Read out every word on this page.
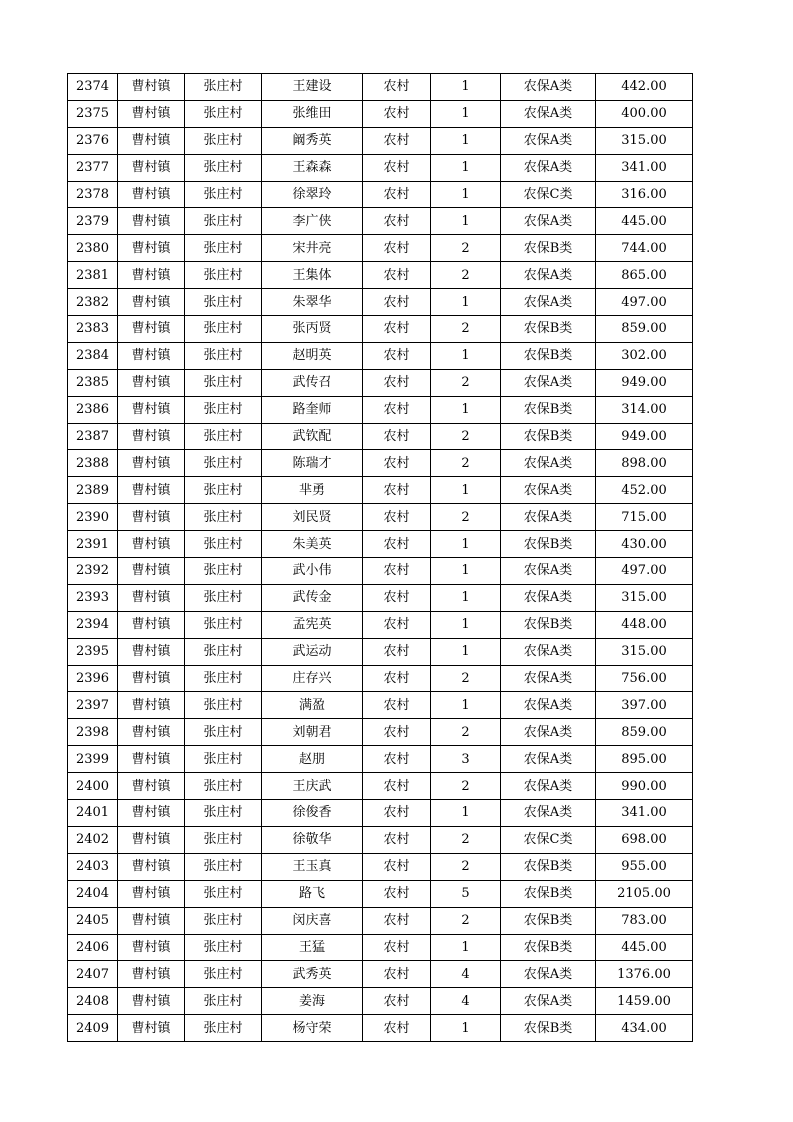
2374	曹村镇	张庄村	王建设	农村	1	农保A类	442.00
2375	曹村镇	张庄村	张维田	农村	1	农保A类	400.00
2376	曹村镇	张庄村	阚秀英	农村	1	农保A类	315.00
2377	曹村镇	张庄村	王森森	农村	1	农保A类	341.00
2378	曹村镇	张庄村	徐翠玲	农村	1	农保C类	316.00
2379	曹村镇	张庄村	李广侠	农村	1	农保A类	445.00
2380	曹村镇	张庄村	宋井亮	农村	2	农保B类	744.00
2381	曹村镇	张庄村	王集体	农村	2	农保A类	865.00
2382	曹村镇	张庄村	朱翠华	农村	1	农保A类	497.00
2383	曹村镇	张庄村	张丙贤	农村	2	农保B类	859.00
2384	曹村镇	张庄村	赵明英	农村	1	农保B类	302.00
2385	曹村镇	张庄村	武传召	农村	2	农保A类	949.00
2386	曹村镇	张庄村	路奎师	农村	1	农保B类	314.00
2387	曹村镇	张庄村	武钦配	农村	2	农保B类	949.00
2388	曹村镇	张庄村	陈瑞才	农村	2	农保A类	898.00
2389	曹村镇	张庄村	芈勇	农村	1	农保A类	452.00
2390	曹村镇	张庄村	刘民贤	农村	2	农保A类	715.00
2391	曹村镇	张庄村	朱美英	农村	1	农保B类	430.00
2392	曹村镇	张庄村	武小伟	农村	1	农保A类	497.00
2393	曹村镇	张庄村	武传金	农村	1	农保A类	315.00
2394	曹村镇	张庄村	孟宪英	农村	1	农保B类	448.00
2395	曹村镇	张庄村	武运动	农村	1	农保A类	315.00
2396	曹村镇	张庄村	庄存兴	农村	2	农保A类	756.00
2397	曹村镇	张庄村	满盈	农村	1	农保A类	397.00
2398	曹村镇	张庄村	刘朝君	农村	2	农保A类	859.00
2399	曹村镇	张庄村	赵朋	农村	3	农保A类	895.00
2400	曹村镇	张庄村	王庆武	农村	2	农保A类	990.00
2401	曹村镇	张庄村	徐俊香	农村	1	农保A类	341.00
2402	曹村镇	张庄村	徐敬华	农村	2	农保C类	698.00
2403	曹村镇	张庄村	王玉真	农村	2	农保B类	955.00
2404	曹村镇	张庄村	路飞	农村	5	农保B类	2105.00
2405	曹村镇	张庄村	闵庆喜	农村	2	农保B类	783.00
2406	曹村镇	张庄村	王猛	农村	1	农保B类	445.00
2407	曹村镇	张庄村	武秀英	农村	4	农保A类	1376.00
2408	曹村镇	张庄村	姜海	农村	4	农保A类	1459.00
2409	曹村镇	张庄村	杨守荣	农村	1	农保B类	434.00
